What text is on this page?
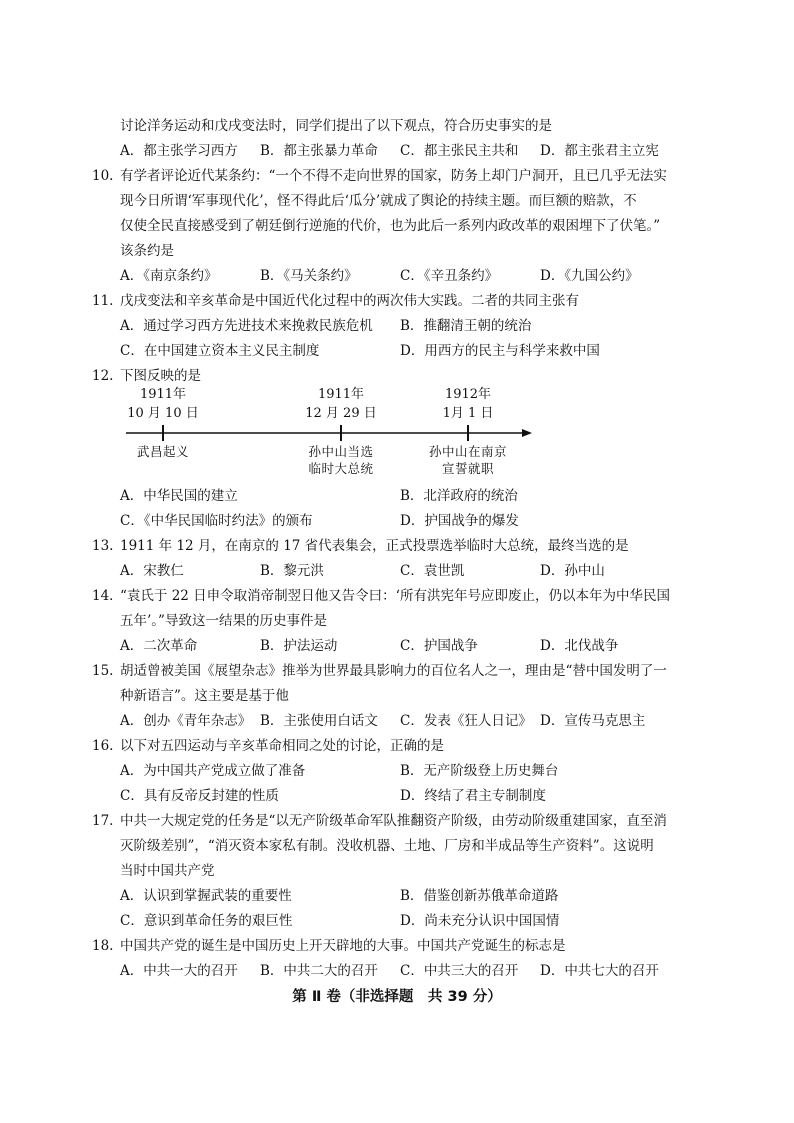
讨论洋务运动和戊戌变法时，同学们提出了以下观点，符合历史事实的是
A．都主张学习西方 B．都主张暴力革命 C．都主张民主共和 D．都主张君主立宪
10. 有学者评论近代某条约：“一个不得不走向世界的国家，防务上却门户洞开，且已几乎无法实
现今日所谓‘军事现代化’，怪不得此后‘瓜分’就成了舆论的持续主题。而巨额的赔款，不
仅使全民直接感受到了朝廷倒行逆施的代价，也为此后一系列内政改革的艰困埋下了伏笔。”
该条约是
A．《南京条约》	B．《马关条约》	C．《辛丑条约》	D．《九国公约》
11. 戊戌变法和辛亥革命是中国近代化过程中的两次伟大实践。二者的共同主张有
A．通过学习西方先进技术来挽救民族危机 B．推翻清王朝的统治
C．在中国建立资本主义民主制度	D．用西方的民主与科学来救中国
12. 下图反映的是
1911年
10 月 10 日
武昌起义
1911年
12 月 29 日
孙中山当选
临时大总统
1912年
1月 1 日
孙中山在南京
宣誓就职
A．中华民国的建立	B．北洋政府的统治
C．《中华民国临时约法》的颁布	D．护国战争的爆发
13. 1911 年 12 月，在南京的 17 省代表集会，正式投票选举临时大总统，最终当选的是
A．宋教仁	B．黎元洪	C．袁世凯	D．孙中山
14．
“袁氏于 22 日申令取消帝制翌日他又告令曰：‘所有洪宪年号应即废止，仍以本年为中华民国
五年’。”导致这一结果的历史事件是
A．二次革命	B．护法运动	C．护国战争	D．北伐战争
15. 胡适曾被美国《展望杂志》推举为世界最具影响力的百位名人之一，理由是“替中国发明了一
种新语言”。这主要是基于他
A．创办《青年杂志》 B．主张使用白话文 C．发表《狂人日记》 D．宣传马克思主
16. 以下对五四运动与辛亥革命相同之处的讨论，正确的是
A．为中国共产党成立做了准备	B．无产阶级登上历史舞台
C．具有反帝反封建的性质	D．终结了君主专制制度
17. 中共一大规定党的任务是“以无产阶级革命军队推翻资产阶级，由劳动阶级重建国家，直至消
灭阶级差别”，“消灭资本家私有制。没收机器、土地、厂房和半成品等生产资料”。这说明
当时中国共产党
A．认识到掌握武装的重要性	B．借鉴创新苏俄革命道路
C．意识到革命任务的艰巨性	D．尚未充分认识中国国情
18. 中国共产党的诞生是中国历史上开天辟地的大事。中国共产党诞生的标志是
A．中共一大的召开 B．中共二大的召开 C．中共三大的召开 D．中共七大的召开
第 Ⅱ 卷（非选择题　共 39 分）
